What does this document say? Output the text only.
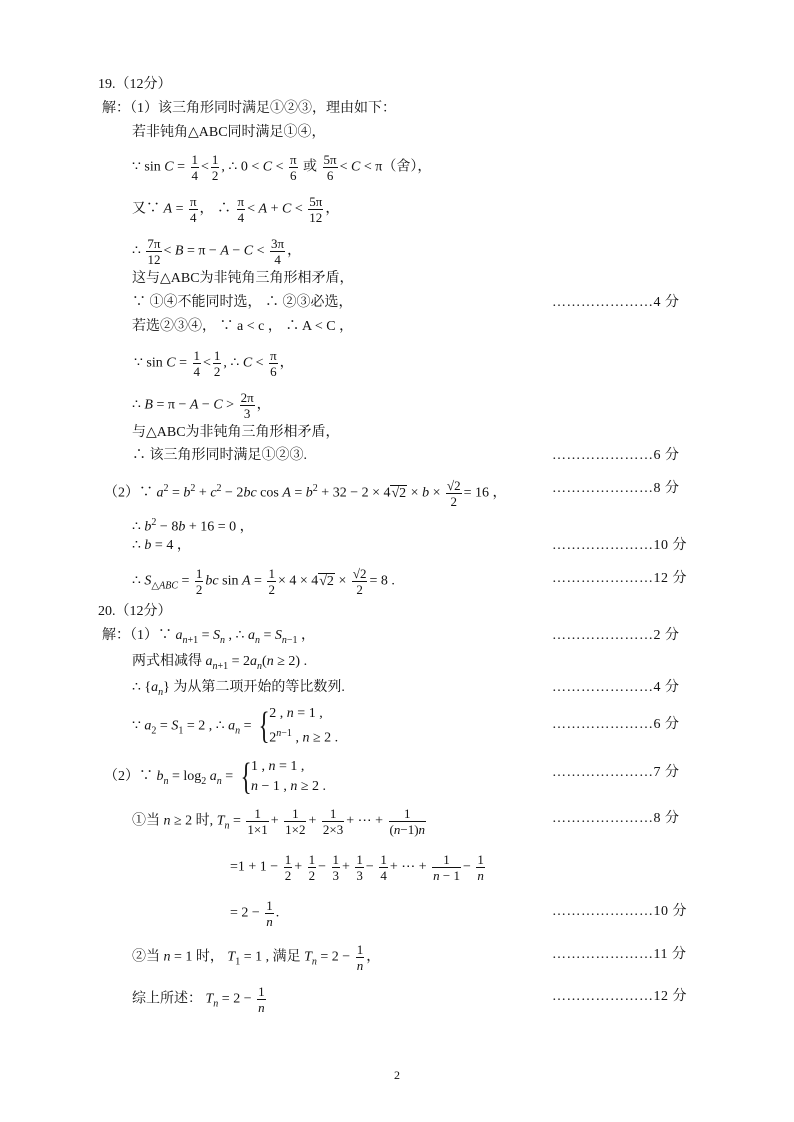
19.（12分）
解：（1）该三角形同时满足①②③，理由如下：
若非钝角△ABC同时满足①④，
∵ $\sin C = \frac{1}{4} < \frac{1}{2}$ , ∴ $0 < C < \frac{\pi}{6}$ 或 $\frac{5\pi}{6} < C < \pi$（舍），
又∵ $A = \frac{\pi}{4}$ ， ∴ $\frac{\pi}{4} < A + C < \frac{5\pi}{12}$ ，
∴ $\frac{7\pi}{12} < B = \pi - A - C < \frac{3\pi}{4}$ ，
这与△ABC为非钝角三角形相矛盾，
∵ ①④不能同时选， ∴ ②③必选，	…………………4 分
若选②③④， ∵ a < c ， ∴ A < C ，
∵ $\sin C = \frac{1}{4} < \frac{1}{2}$ , ∴ $C < \frac{\pi}{6}$ ，
∴ $B = \pi - A - C > \frac{2\pi}{3}$ ，
与△ABC为非钝角三角形相矛盾，
∴ 该三角形同时满足①②③.	…………………6 分
（2）∵ $a^2 = b^2 + c^2 - 2bc$ $\cos A = b^2 + 32 - 2 \times 4√2 \times b \times \frac{√2}{2} = 16$ ，	…………………8 分
∴ $b^2 - 8b + 16 = 0$ ，
∴ b = 4 ，	…………………10 分
∴ $S_{\triangle ABC} = \frac{1}{2}$ bc $\sin A = \frac{1}{2} \times 4 \times 4√2 \times \frac{√2}{2} = 8$ .	…………………12 分
20.（12分）
解：（1）∵ $a_{n+1} = S_n$ , ∴ $a_n = S_{n-1}$ ，	…………………2 分
两式相减得 $a_{n+1} = 2a_n(n \ge 2)$ .
∴ $\{a_n\}$ 为从第二项开始的等比数列.	…………………4 分
∵ $a_2 = S_1 = 2$ , ∴ $a_n$ = { 2 , n = 1 ,
$2^{n-1}$ , n ≥ 2 .
…………………6 分
（2）∵ $b_n = \log_2 a_n$ = { 1 , n = 1 ,
n − 1 , n ≥ 2 .
…………………7 分
①当 n ≥ 2 时, $T_n = \frac{1}{1\times 1} + \frac{1}{1\times 2} + \frac{1}{2\times 3}$ + ⋯ + $\frac{1}{(n-1)n}$	…………………8 分
$=1 + 1 - \frac{1}{2} + \frac{1}{2} - \frac{1}{3} + \frac{1}{3} - \frac{1}{4}$ + ⋯ + $\frac{1}{n - 1} - \frac{1}{n}$
= $2 - \frac{1}{n}$ .	…………………10 分
②当 n = 1 时， $T_1 = 1$ , 满足 $T_n = 2 - \frac{1}{n}$ ，	…………………11 分
综上所述： $T_n = 2 - \frac{1}{n}$	…………………12 分
2
